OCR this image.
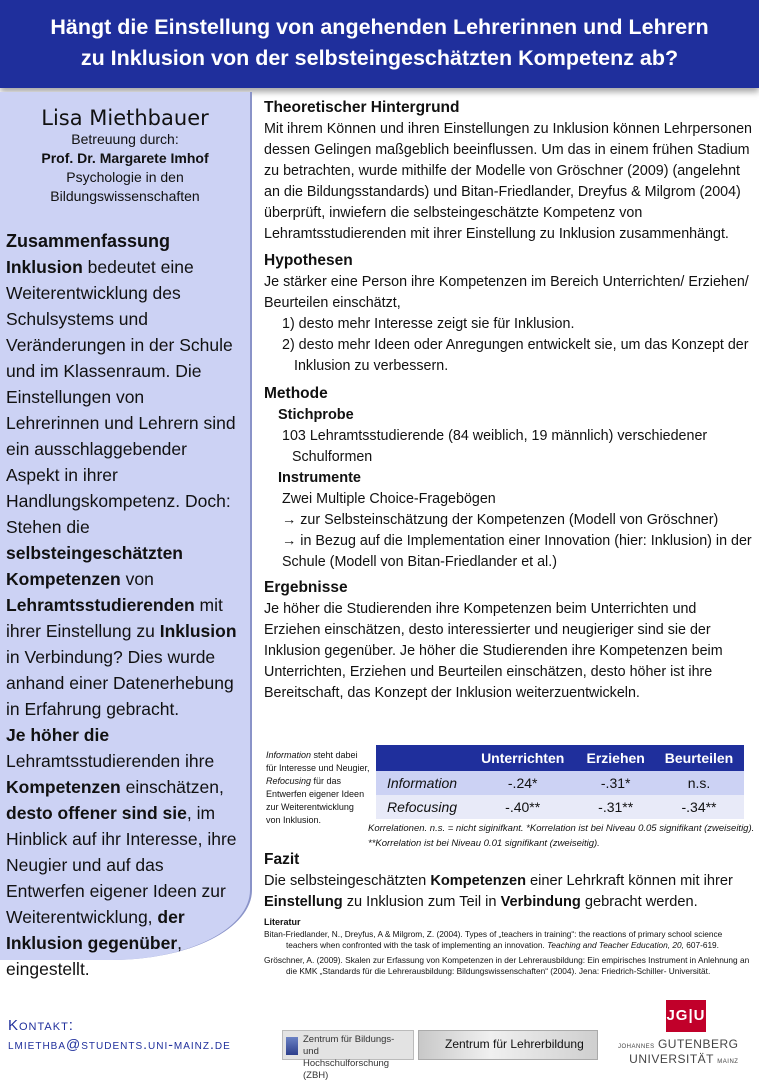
Hängt die Einstellung von angehenden Lehrerinnen und Lehrern
zu Inklusion von der selbsteingeschätzten Kompetenz ab?
Lisa Miethbauer
Betreuung durch:
Prof. Dr. Margarete Imhof
Psychologie in den
Bildungswissenschaften
Zusammenfassung

Inklusion bedeutet eine Weiterentwicklung des Schulsystems und Veränderungen in der Schule und im Klassenraum. Die Einstellungen von Lehrerinnen und Lehrern sind ein ausschlaggebender Aspekt in ihrer Handlungskompetenz. Doch: Stehen die selbsteingeschätzten Kompetenzen von Lehramtsstudierenden mit ihrer Einstellung zu Inklusion in Verbindung? Dies wurde anhand einer Datenerhebung in Erfahrung gebracht.

Je höher die Lehramtsstudierenden ihre Kompetenzen einschätzen, desto offener sind sie, im Hinblick auf ihr Interesse, ihre Neugier und auf das Entwerfen eigener Ideen zur Weiterentwicklung, der Inklusion gegenüber, eingestellt.

Theoretischer Hintergrund
Mit ihrem Können und ihren Einstellungen zu Inklusion können Lehrpersonen dessen Gelingen maßgeblich beeinflussen. Um das in einem frühen Stadium zu betrachten, wurde mithilfe der Modelle von Gröschner (2009) (angelehnt an die Bildungsstandards) und Bitan-Friedlander, Dreyfus & Milgrom (2004) überprüft, inwiefern die selbsteingeschätzte Kompetenz von Lehramtsstudierenden mit ihrer Einstellung zu Inklusion zusammenhängt.
Hypothesen
Je stärker eine Person ihre Kompetenzen im Bereich Unterrichten/ Erziehen/ Beurteilen einschätzt,
1) desto mehr Interesse zeigt sie für Inklusion.
2) desto mehr Ideen oder Anregungen entwickelt sie, um das Konzept der Inklusion zu verbessern.
Methode
Stichprobe
103 Lehramtsstudierende (84 weiblich, 19 männlich) verschiedener Schulformen
Instrumente
Zwei Multiple Choice-Fragebögen
→ zur Selbsteinschätzung der Kompetenzen (Modell von Gröschner)
→ in Bezug auf die Implementation einer Innovation (hier: Inklusion) in der Schule (Modell von Bitan-Friedlander et al.)
Ergebnisse
Je höher die Studierenden ihre Kompetenzen beim Unterrichten und Erziehen einschätzen, desto interessierter und neugieriger sind sie der Inklusion gegenüber. Je höher die Studierenden ihre Kompetenzen beim Unterrichten, Erziehen und Beurteilen einschätzen, desto höher ist ihre Bereitschaft, das Konzept der Inklusion weiterzuentwickeln.
Information steht dabei für Interesse und Neugier, Refocusing für das Entwerfen eigener Ideen zur Weiterentwicklung von Inklusion.
	Unterrichten	Erziehen	Beurteilen
Information	-.24*	-.31*	n.s.
Refocusing	-.40**	-.31**	-.34**
Korrelationen. n.s. = nicht siginifkant. *Korrelation ist bei Niveau 0.05 signifikant (zweiseitig). **Korrelation ist bei Niveau 0.01 signifikant (zweiseitig).
Fazit
Die selbsteingeschätzten Kompetenzen einer Lehrkraft können mit ihrer Einstellung zu Inklusion zum Teil in Verbindung gebracht werden.
Literatur
Bitan-Friedlander, N., Dreyfus, A & Milgrom, Z. (2004). Types of „teachers in training“: the reactions of primary school science teachers when confronted with the task of implementing an innovation. Teaching and Teacher Education, 20, 607-619.
Gröschner, A. (2009). Skalen zur Erfassung von Kompetenzen in der Lehrerausbildung: Ein empirisches Instrument in Anlehnung an die KMK „Standards für die Lehrerausbildung: Bildungswissenschaften“ (2004). Jena: Friedrich-Schiller- Universität.
Kontakt:
lmiethba@students.uni-mainz.de	Zentrum für Bildungs- und
Hochschulforschung (ZBH)
Zentrum für Lehrerbildung
JG|U
JOHANNES GUTENBERG
UNIVERSITÄT MAINZ
